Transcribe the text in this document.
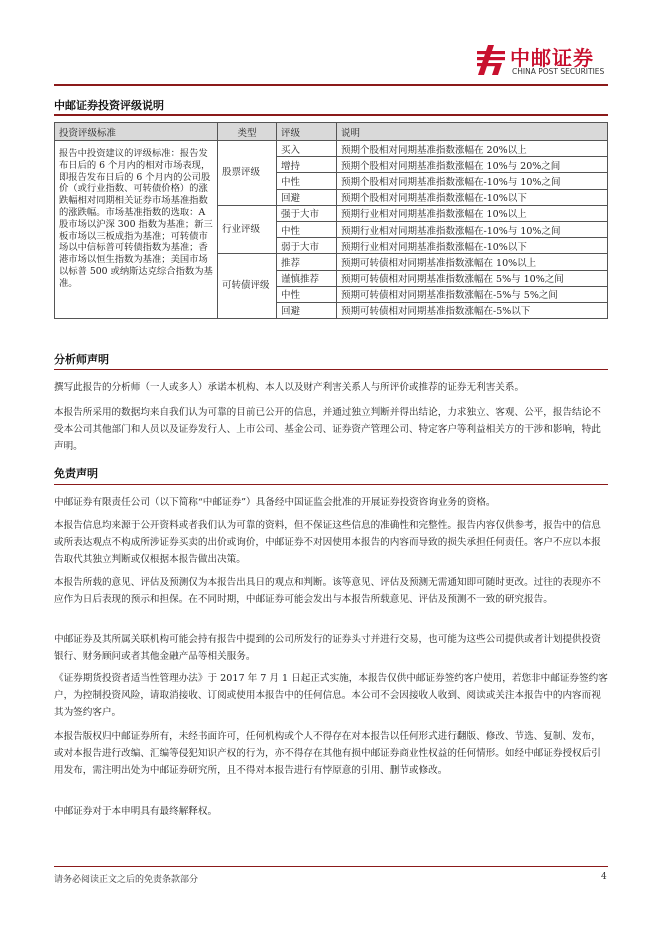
中邮证券
CHINA POST SECURITIES
中邮证券投资评级说明
投资评级标准	类型	评级	说明
报告中投资建议的评级标准：报告发布日后的 6 个月内的相对市场表现，即报告发布日后的 6 个月内的公司股价（或行业指数、可转债价格）的涨跌幅相对同期相关证券市场基准指数的涨跌幅。市场基准指数的选取：A 股市场以沪深 300 指数为基准；新三板市场以三板成指为基准；可转债市场以中信标普可转债指数为基准；香港市场以恒生指数为基准；美国市场以标普 500 或纳斯达克综合指数为基准。	股票评级	买入	预期个股相对同期基准指数涨幅在 20%以上
		增持	预期个股相对同期基准指数涨幅在 10%与 20%之间
		中性	预期个股相对同期基准指数涨幅在-10%与 10%之间
		回避	预期个股相对同期基准指数涨幅在-10%以下
	行业评级	强于大市	预期行业相对同期基准指数涨幅在 10%以上
		中性	预期行业相对同期基准指数涨幅在-10%与 10%之间
		弱于大市	预期行业相对同期基准指数涨幅在-10%以下
	可转债评级	推荐	预期可转债相对同期基准指数涨幅在 10%以上
		谨慎推荐	预期可转债相对同期基准指数涨幅在 5%与 10%之间
		中性	预期可转债相对同期基准指数涨幅在-5%与 5%之间
		回避	预期可转债相对同期基准指数涨幅在-5%以下
分析师声明

撰写此报告的分析师（一人或多人）承诺本机构、本人以及财产利害关系人与所评价或推荐的证券无利害关系。

本报告所采用的数据均来自我们认为可靠的目前已公开的信息，并通过独立判断并得出结论，力求独立、客观、公平，报告结论不受本公司其他部门和人员以及证券发行人、上市公司、基金公司、证券资产管理公司、特定客户等利益相关方的干涉和影响，特此声明。

免责声明

中邮证券有限责任公司（以下简称“中邮证券”）具备经中国证监会批准的开展证券投资咨询业务的资格。

本报告信息均来源于公开资料或者我们认为可靠的资料，但不保证这些信息的准确性和完整性。报告内容仅供参考，报告中的信息或所表达观点不构成所涉证券买卖的出价或询价，中邮证券不对因使用本报告的内容而导致的损失承担任何责任。客户不应以本报告取代其独立判断或仅根据本报告做出决策。

本报告所载的意见、评估及预测仅为本报告出具日的观点和判断。该等意见、评估及预测无需通知即可随时更改。过往的表现亦不应作为日后表现的预示和担保。在不同时期，中邮证券可能会发出与本报告所载意见、评估及预测不一致的研究报告。

中邮证券及其所属关联机构可能会持有报告中提到的公司所发行的证券头寸并进行交易，也可能为这些公司提供或者计划提供投资银行、财务顾问或者其他金融产品等相关服务。

《证券期货投资者适当性管理办法》于 2017 年 7 月 1 日起正式实施，本报告仅供中邮证券签约客户使用，若您非中邮证券签约客户，为控制投资风险，请取消接收、订阅或使用本报告中的任何信息。本公司不会因接收人收到、阅读或关注本报告中的内容而视其为签约客户。

本报告版权归中邮证券所有，未经书面许可，任何机构或个人不得存在对本报告以任何形式进行翻版、修改、节选、复制、发布，或对本报告进行改编、汇编等侵犯知识产权的行为，亦不得存在其他有损中邮证券商业性权益的任何情形。如经中邮证券授权后引用发布，需注明出处为中邮证券研究所，且不得对本报告进行有悖原意的引用、删节或修改。

中邮证券对于本申明具有最终解释权。

请务必阅读正文之后的免责条款部分	4
